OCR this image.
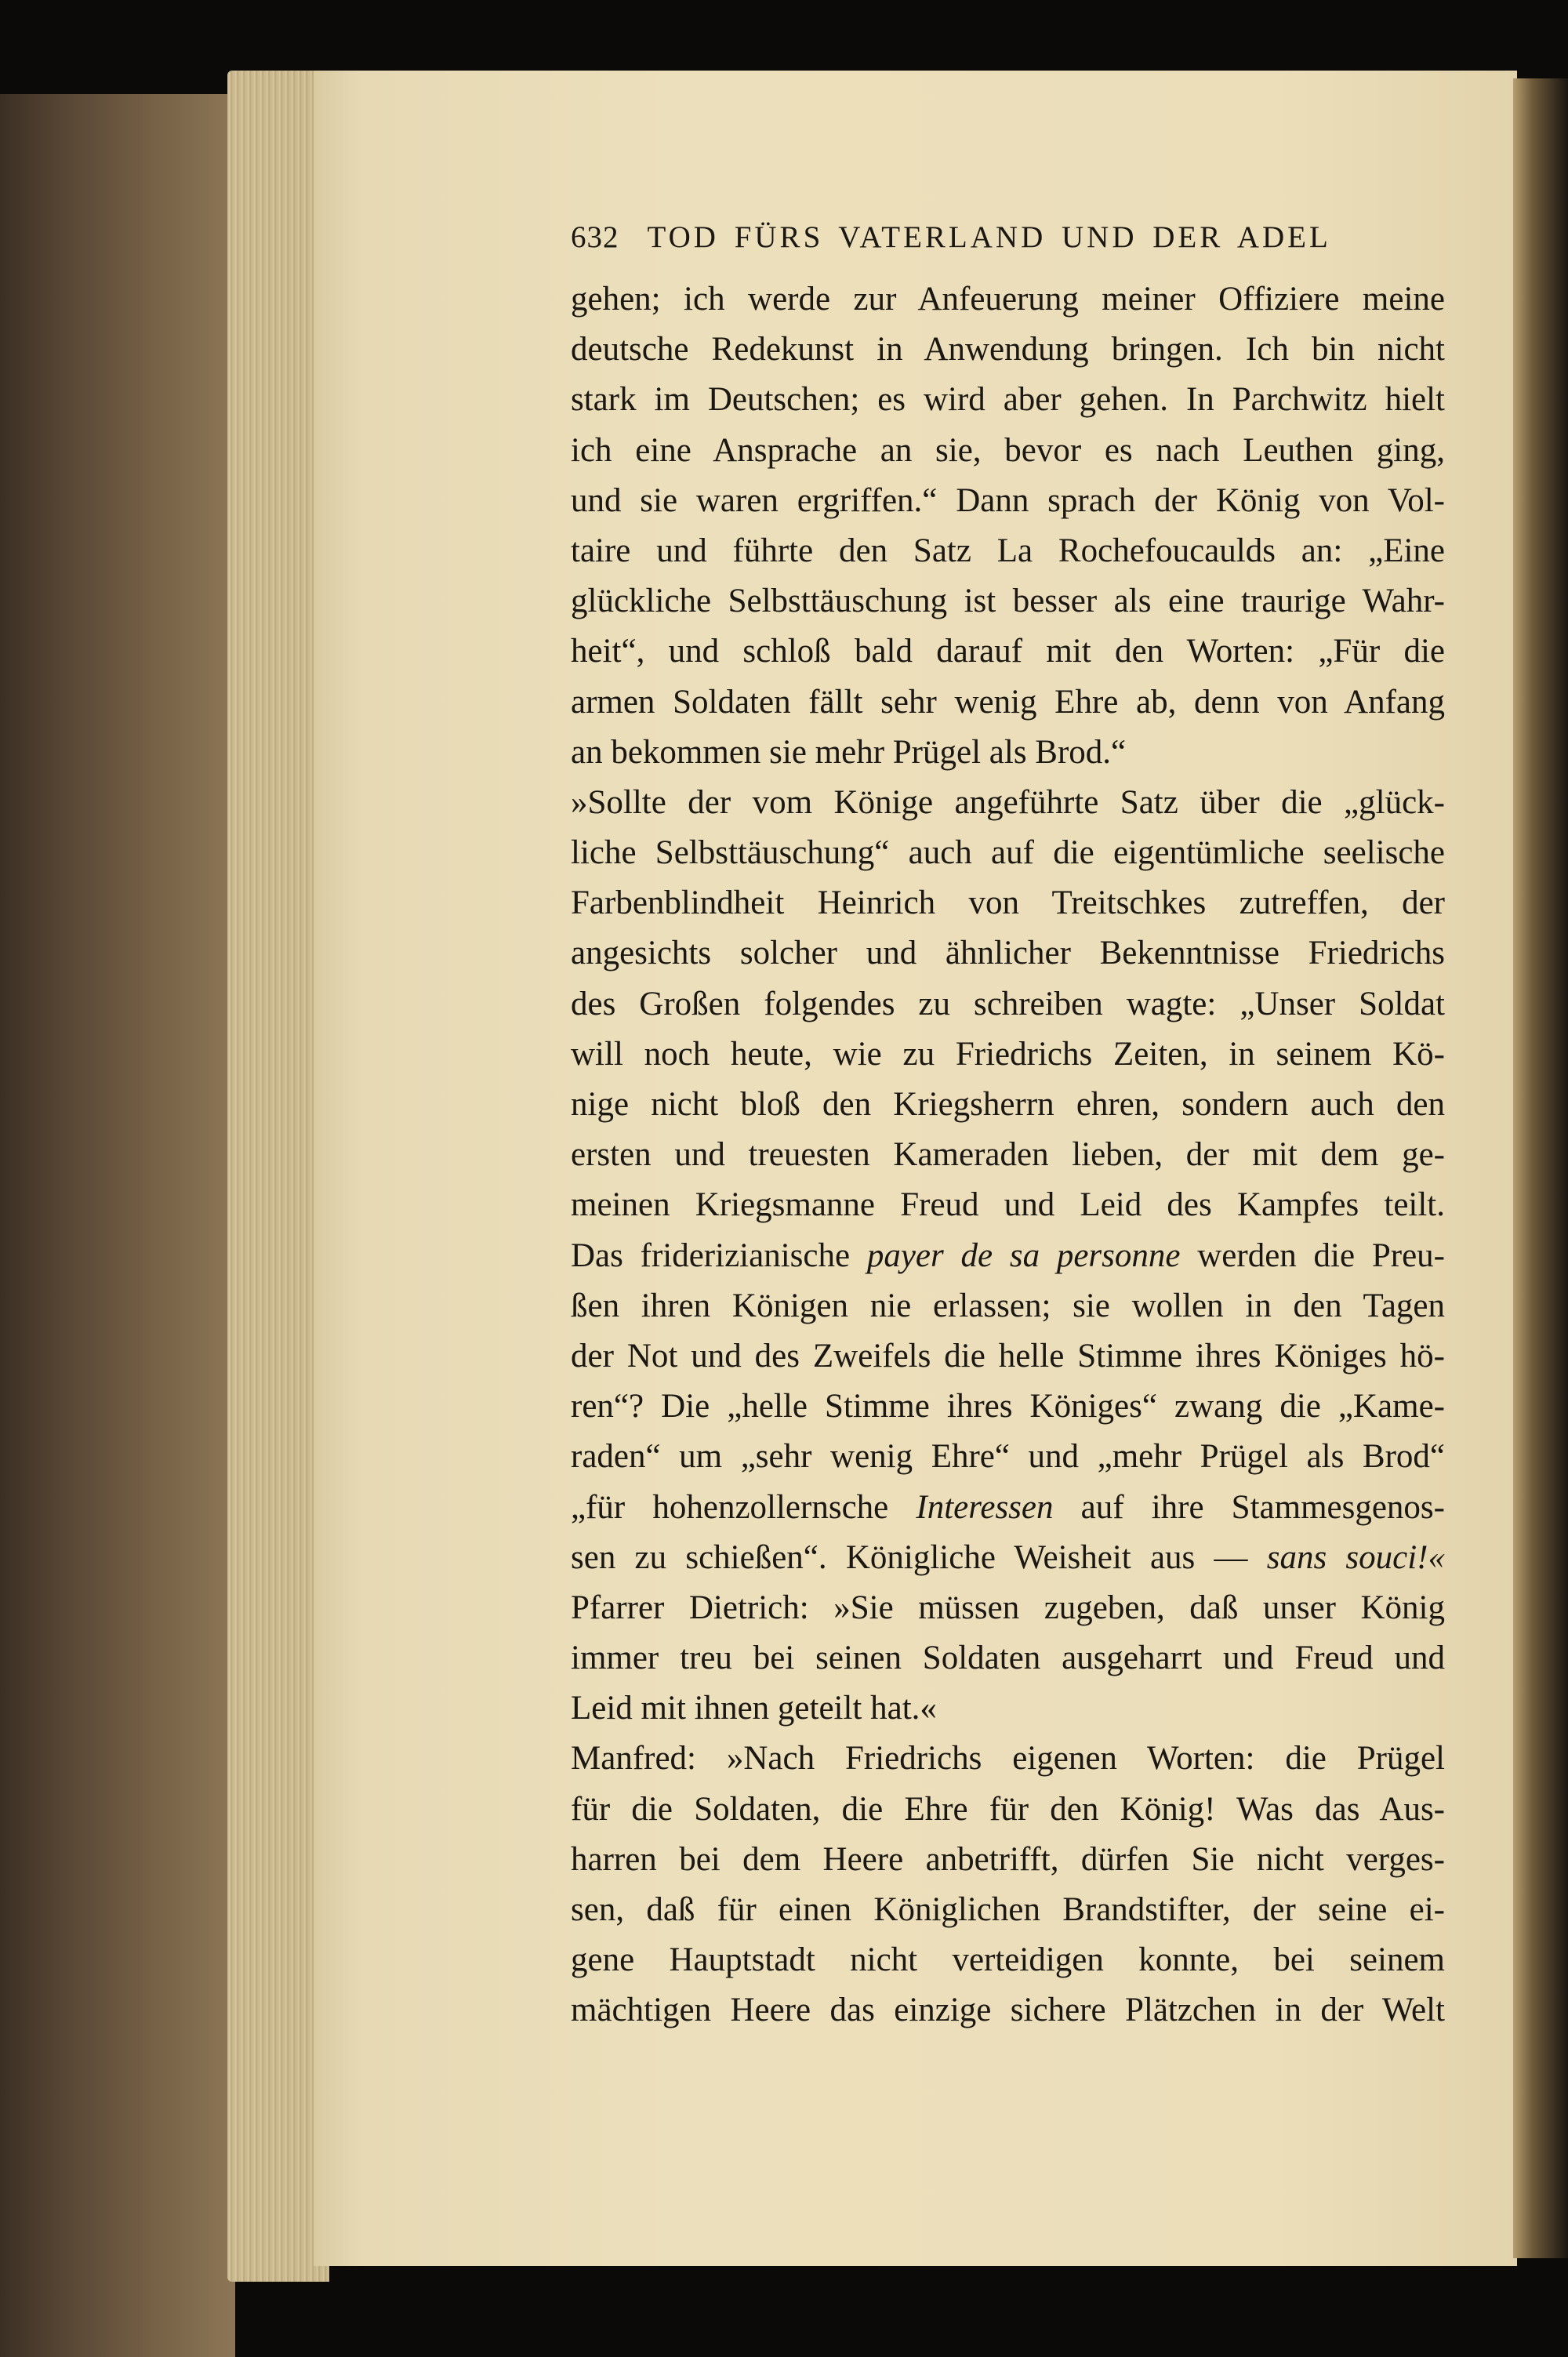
632 TOD FÜRS VATERLAND UND DER ADEL
gehen; ich werde zur Anfeuerung meiner Offiziere meine
deutsche Redekunst in Anwendung bringen. Ich bin nicht
stark im Deutschen; es wird aber gehen. In Parchwitz hielt
ich eine Ansprache an sie, bevor es nach Leuthen ging,
und sie waren ergriffen.“ Dann sprach der König von Vol-
taire und führte den Satz La Rochefoucaulds an: „Eine
glückliche Selbsttäuschung ist besser als eine traurige Wahr-
heit“, und schloß bald darauf mit den Worten: „Für die
armen Soldaten fällt sehr wenig Ehre ab, denn von Anfang
an bekommen sie mehr Prügel als Brod.“
»Sollte der vom Könige angeführte Satz über die „glück-
liche Selbsttäuschung“ auch auf die eigentümliche seelische
Farbenblindheit Heinrich von Treitschkes zutreffen, der
angesichts solcher und ähnlicher Bekenntnisse Friedrichs
des Großen folgendes zu schreiben wagte: „Unser Soldat
will noch heute, wie zu Friedrichs Zeiten, in seinem Kö-
nige nicht bloß den Kriegsherrn ehren, sondern auch den
ersten und treuesten Kameraden lieben, der mit dem ge-
meinen Kriegsmanne Freud und Leid des Kampfes teilt.
Das friderizianische payer de sa personne werden die Preu-
ßen ihren Königen nie erlassen; sie wollen in den Tagen
der Not und des Zweifels die helle Stimme ihres Königes hö-
ren“? Die „helle Stimme ihres Königes“ zwang die „Kame-
raden“ um „sehr wenig Ehre“ und „mehr Prügel als Brod“
„für hohenzollernsche Interessen auf ihre Stammesgenos-
sen zu schießen“. Königliche Weisheit aus — sans souci!«
Pfarrer Dietrich: »Sie müssen zugeben, daß unser König
immer treu bei seinen Soldaten ausgeharrt und Freud und
Leid mit ihnen geteilt hat.«
Manfred: »Nach Friedrichs eigenen Worten: die Prügel
für die Soldaten, die Ehre für den König! Was das Aus-
harren bei dem Heere anbetrifft, dürfen Sie nicht verges-
sen, daß für einen Königlichen Brandstifter, der seine ei-
gene Hauptstadt nicht verteidigen konnte, bei seinem
mächtigen Heere das einzige sichere Plätzchen in der Welt
